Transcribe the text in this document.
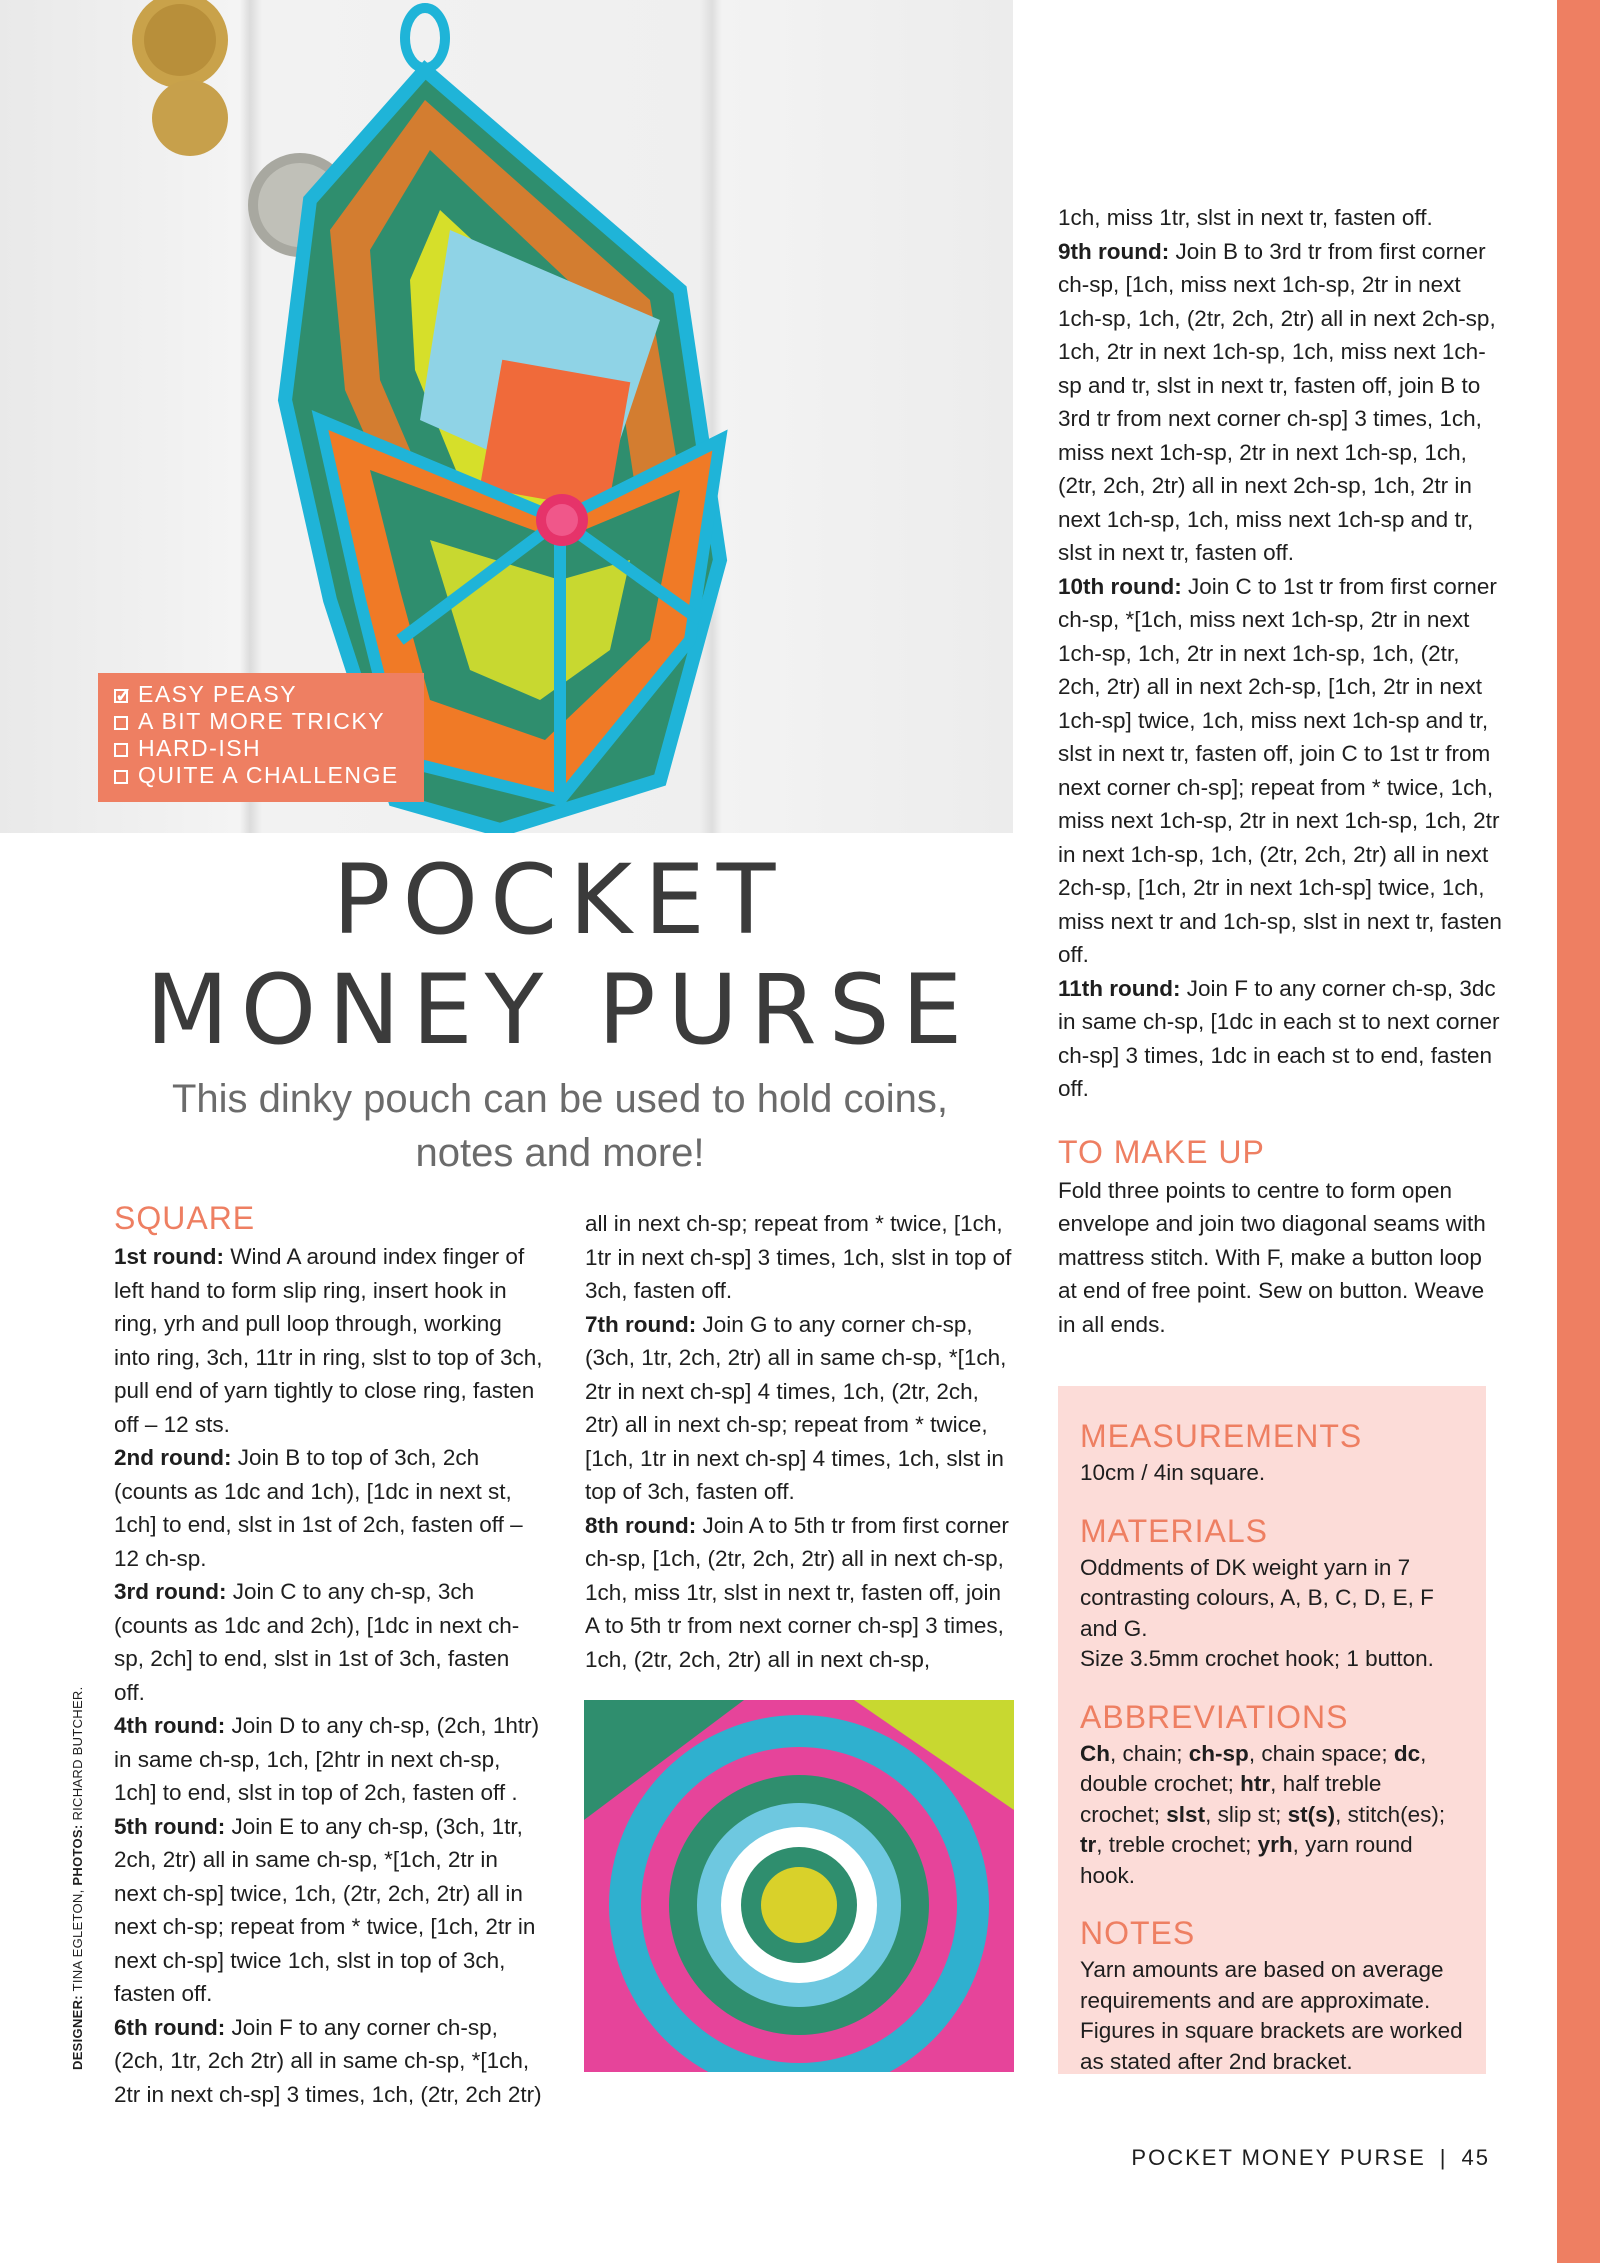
✓EASY PEASY
A BIT MORE TRICKY
HARD-ISH
QUITE A CHALLENGE
POCKET
MONEY PURSE

This dinky pouch can be used to hold coins,
notes and more!

SQUARE

1st round: Wind A around index finger of left hand to form slip ring, insert hook in ring, yrh and pull loop through, working into ring, 3ch, 11tr in ring, slst to top of 3ch, pull end of yarn tightly to close ring, fasten off – 12 sts.

2nd round: Join B to top of 3ch, 2ch (counts as 1dc and 1ch), [1dc in next st, 1ch] to end, slst in 1st of 2ch, fasten off – 12 ch-sp.

3rd round: Join C to any ch-sp, 3ch (counts as 1dc and 2ch), [1dc in next ch-sp, 2ch] to end, slst in 1st of 3ch, fasten off.

4th round: Join D to any ch-sp, (2ch, 1htr) in same ch-sp, 1ch, [2htr in next ch-sp, 1ch] to end, slst in top of 2ch, fasten off .

5th round: Join E to any ch-sp, (3ch, 1tr, 2ch, 2tr) all in same ch-sp, *[1ch, 2tr in next ch-sp] twice, 1ch, (2tr, 2ch, 2tr) all in next ch-sp; repeat from * twice, [1ch, 2tr in next ch-sp] twice 1ch, slst in top of 3ch, fasten off.

6th round: Join F to any corner ch-sp, (2ch, 1tr, 2ch 2tr) all in same ch-sp, *[1ch, 2tr in next ch-sp] 3 times, 1ch, (2tr, 2ch 2tr)

all in next ch-sp; repeat from * twice, [1ch, 1tr in next ch-sp] 3 times, 1ch, slst in top of 3ch, fasten off.

7th round: Join G to any corner ch-sp, (3ch, 1tr, 2ch, 2tr) all in same ch-sp, *[1ch, 2tr in next ch-sp] 4 times, 1ch, (2tr, 2ch, 2tr) all in next ch-sp; repeat from * twice, [1ch, 1tr in next ch-sp] 4 times, 1ch, slst in top of 3ch, fasten off.

8th round: Join A to 5th tr from first corner ch-sp, [1ch, (2tr, 2ch, 2tr) all in next ch-sp, 1ch, miss 1tr, slst in next tr, fasten off, join A to 5th tr from next corner ch-sp] 3 times, 1ch, (2tr, 2ch, 2tr) all in next ch-sp,

1ch, miss 1tr, slst in next tr, fasten off.

9th round: Join B to 3rd tr from first corner ch-sp, [1ch, miss next 1ch-sp, 2tr in next 1ch-sp, 1ch, (2tr, 2ch, 2tr) all in next 2ch-sp, 1ch, 2tr in next 1ch-sp, 1ch, miss next 1ch-sp and tr, slst in next tr, fasten off, join B to 3rd tr from next corner ch-sp] 3 times, 1ch, miss next 1ch-sp, 2tr in next 1ch-sp, 1ch, (2tr, 2ch, 2tr) all in next 2ch-sp, 1ch, 2tr in next 1ch-sp, 1ch, miss next 1ch-sp and tr, slst in next tr, fasten off.

10th round: Join C to 1st tr from first corner ch-sp, *[1ch, miss next 1ch-sp, 2tr in next 1ch-sp, 1ch, 2tr in next 1ch-sp, 1ch, (2tr, 2ch, 2tr) all in next 2ch-sp, [1ch, 2tr in next 1ch-sp] twice, 1ch, miss next 1ch-sp and tr, slst in next tr, fasten off, join C to 1st tr from next corner ch-sp]; repeat from * twice, 1ch, miss next 1ch-sp, 2tr in next 1ch-sp, 1ch, 2tr in next 1ch-sp, 1ch, (2tr, 2ch, 2tr) all in next 2ch-sp, [1ch, 2tr in next 1ch-sp] twice, 1ch, miss next tr and 1ch-sp, slst in next tr, fasten off.

11th round: Join F to any corner ch-sp, 3dc in same ch-sp, [1dc in each st to next corner ch-sp] 3 times, 1dc in each st to end, fasten off.

TO MAKE UP

Fold three points to centre to form open envelope and join two diagonal seams with mattress stitch. With F, make a button loop at end of free point. Sew on button. Weave in all ends.

MEASUREMENTS

10cm / 4in square.

MATERIALS

Oddments of DK weight yarn in 7 contrasting colours, A, B, C, D, E, F and G.
Size 3.5mm crochet hook; 1 button.

ABBREVIATIONS

Ch, chain; ch-sp, chain space; dc, double crochet; htr, half treble crochet; slst, slip st; st(s), stitch(es); tr, treble crochet; yrh, yarn round hook.

NOTES

Yarn amounts are based on average requirements and are approximate. Figures in square brackets are worked as stated after 2nd bracket.

DESIGNER: TINA EGLETON, PHOTOS: RICHARD BUTCHER.
POCKET MONEY PURSE | 45
